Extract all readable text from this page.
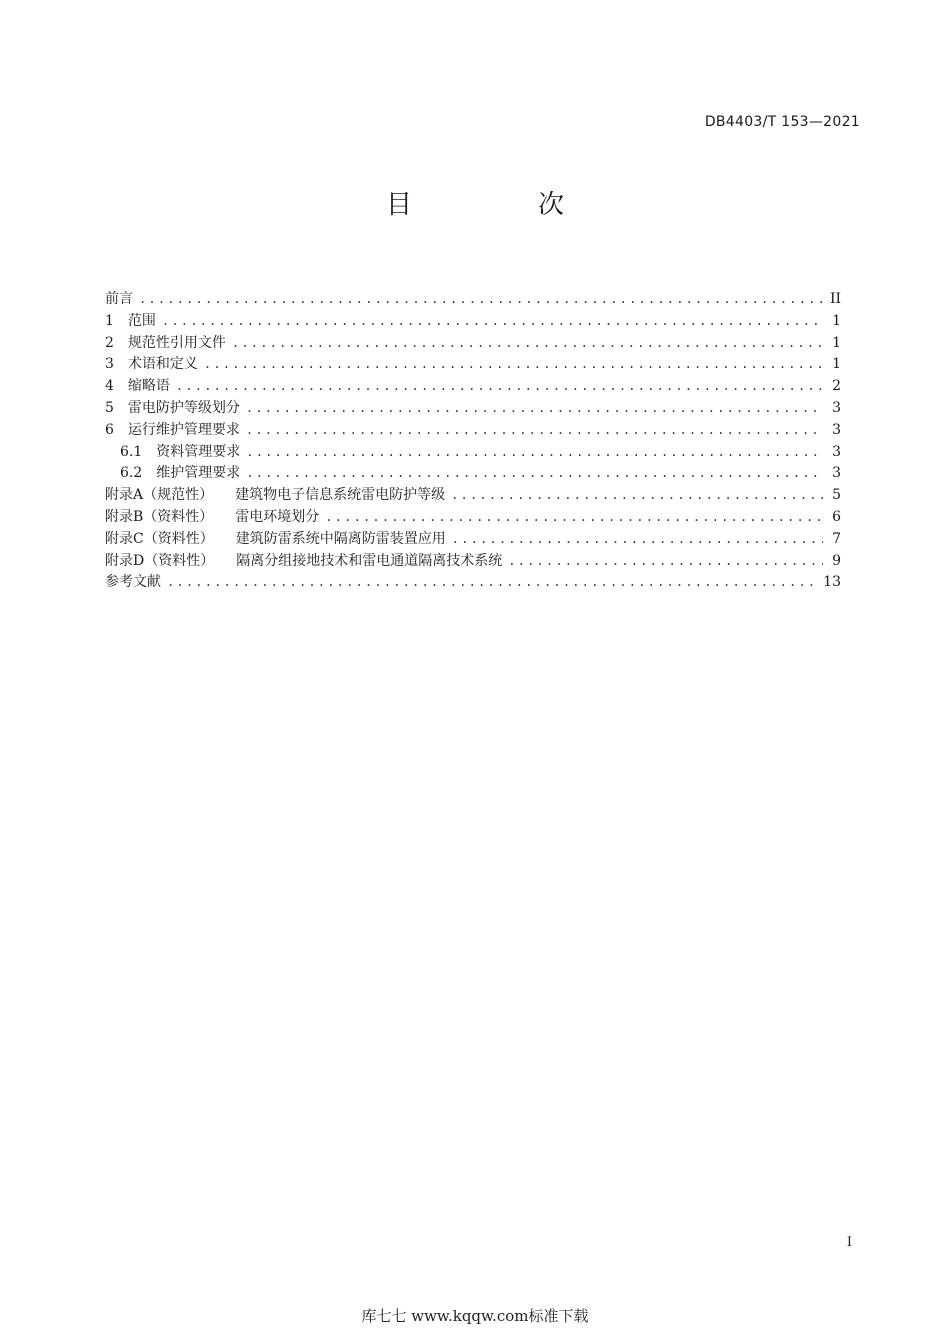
DB4403/T 153—2021
目　次
前言 .....	II
1 范围 .....	1
2 规范性引用文件 .....	1
3 术语和定义 .....	1
4 缩略语 .....	2
5 雷电防护等级划分 .....	3
6 运行维护管理要求 .....	3
6.1 资料管理要求 .....	3
6.2 维护管理要求 .....	3
附录A（规范性） 建筑物电子信息系统雷电防护等级 .....	5
附录B（资料性） 雷电环境划分 .....	6
附录C（资料性） 建筑防雷系统中隔离防雷装置应用 .....	7
附录D（资料性） 隔离分组接地技术和雷电通道隔离技术系统 .....	9
参考文献 .....	13
I
库七七 www.kqqw.com标准下载
